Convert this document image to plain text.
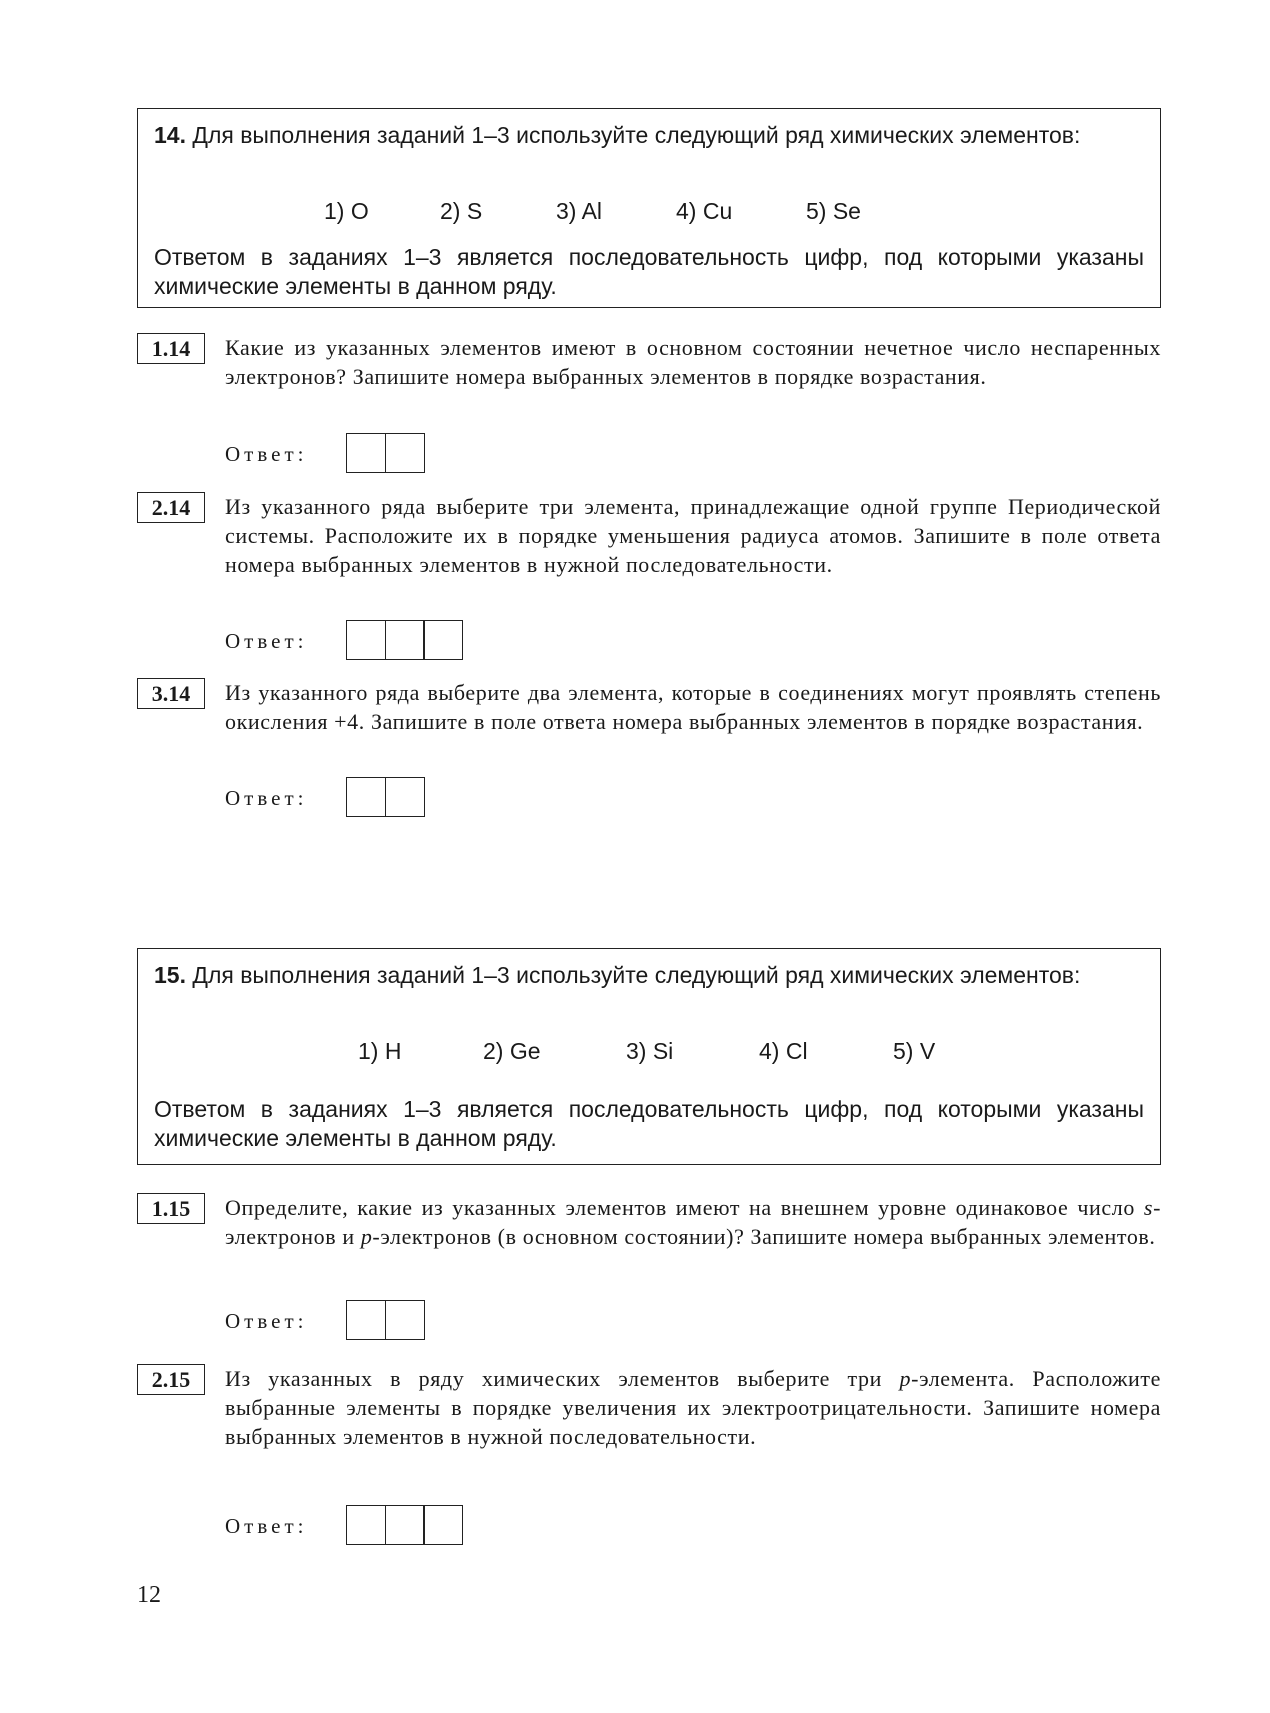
14. Для выполнения заданий 1–3 используйте следующий ряд химических элементов:
1) O	2) S	3) Al	4) Cu	5) Se
Ответом в заданиях 1–3 является последовательность цифр, под которыми указаны химические элементы в данном ряду.
1.14	Какие из указанных элементов имеют в основном состоянии нечетное число неспаренных электронов? Запишите номера выбранных элементов в порядке возрастания.
Ответ:
2.14	Из указанного ряда выберите три элемента, принадлежащие одной группе Периодической системы. Расположите их в порядке уменьшения радиуса атомов. Запишите в поле ответа номера выбранных элементов в нужной последовательности.
Ответ:
3.14	Из указанного ряда выберите два элемента, которые в соединениях могут проявлять степень окисления +4. Запишите в поле ответа номера выбранных элементов в порядке возрастания.
Ответ:
15. Для выполнения заданий 1–3 используйте следующий ряд химических элементов:
1) H	2) Ge	3) Si	4) Cl	5) V
Ответом в заданиях 1–3 является последовательность цифр, под которыми указаны химические элементы в данном ряду.
1.15	Определите, какие из указанных элементов имеют на внешнем уровне одинаковое число s-электронов и p-электронов (в основном состоянии)? Запишите номера выбранных элементов.
Ответ:
2.15	Из указанных в ряду химических элементов выберите три p-элемента. Расположите выбранные элементы в порядке увеличения их электроотрицательности. Запишите номера выбранных элементов в нужной последовательности.
Ответ:
12
